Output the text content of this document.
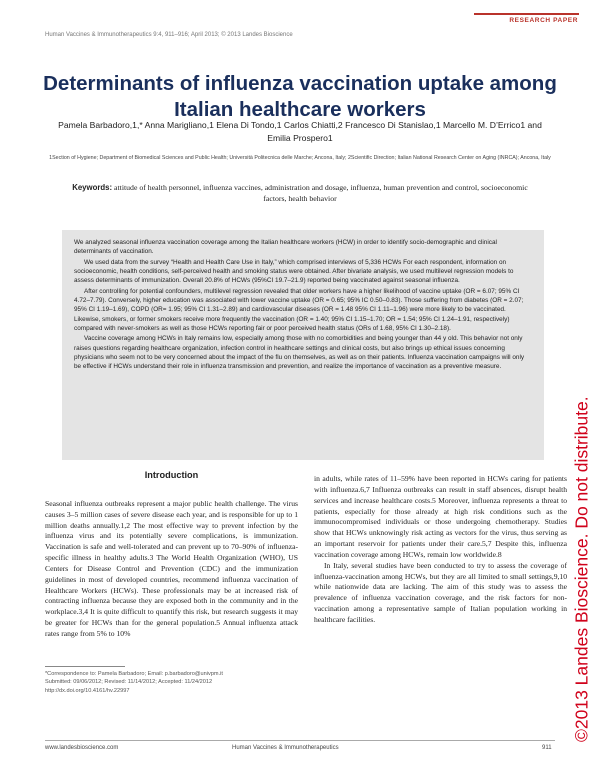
RESEARCH PAPER
Human Vaccines & Immunotherapeutics 9:4, 911–916; April 2013; © 2013 Landes Bioscience
Determinants of influenza vaccination uptake among Italian healthcare workers
Pamela Barbadoro,1,* Anna Marigliano,1 Elena Di Tondo,1 Carlos Chiatti,2 Francesco Di Stanislao,1 Marcello M. D’Errico1 and Emilia Prospero1
1Section of Hygiene; Department of Biomedical Sciences and Public Health; Università Politecnica delle Marche; Ancona, Italy; 2Scientific Direction; Italian National Research Center on Aging (INRCA); Ancona, Italy
Keywords: attitude of health personnel, influenza vaccines, administration and dosage, influenza, human prevention and control, socioeconomic factors, health behavior

We analyzed seasonal influenza vaccination coverage among the Italian healthcare workers (HCW) in order to identify socio-demographic and clinical determinants of vaccination.

We used data from the survey “Health and Health Care Use in Italy,” which comprised interviews of 5,336 HCWs For each respondent, information on socioeconomic, health conditions, self-perceived health and smoking status were obtained. After bivariate analysis, we used multilevel regression models to assess determinants of immunization. Overall 20.8% of HCWs (95%CI 19.7–21.9) reported being vaccinated against seasonal influenza.

After controlling for potential confounders, multilevel regression revealed that older workers have a higher likelihood of vaccine uptake (OR = 6.07; 95% CI 4.72–7.79). Conversely, higher education was associated with lower vaccine uptake (OR = 0.65; 95% IC 0.50–0.83). Those suffering from diabetes (OR = 2.07; 95% CI 1.19–1.69), COPD (OR= 1.95; 95% CI 1.31–2.89) and cardiovascular diseases (OR = 1.48 95% CI 1.11–1.96) were more likely to be vaccinated. Likewise, smokers, or former smokers receive more frequently the vaccination (OR = 1.40; 95% CI 1.15–1.70; OR = 1.54; 95% CI 1.24–1.91, respectively) compared with never-smokers as well as those HCWs reporting fair or poor perceived health status (ORs of 1.68, 95% CI 1.30–2.18).

Vaccine coverage among HCWs in Italy remains low, especially among those with no comorbidities and being younger than 44 y old. This behavior not only raises questions regarding healthcare organization, infection control in healthcare settings and clinical costs, but also brings up ethical issues concerning physicians who seem not to be very concerned about the impact of the flu on themselves, as well as on their patients. Influenza vaccination campaigns will only be effective if HCWs understand their role in influenza transmission and prevention, and realize the importance of vaccination as a preventive measure.

Introduction

Seasonal influenza outbreaks represent a major public health challenge. The virus causes 3–5 million cases of severe disease each year, and is responsible for up to 1 million deaths annually.1,2 The most effective way to prevent infection by the influenza virus and its potentially severe complications, is immunization. Vaccination is safe and well-tolerated and can prevent up to 70–90% of influenza-specific illness in healthy adults.3 The World Health Organization (WHO), US Centers for Disease Control and Prevention (CDC) and the immunization guidelines in most of developed countries, recommend influenza vaccination of Healthcare Workers (HCWs). These professionals may be at increased risk of contracting influenza because they are exposed both in the community and in the workplace.3,4 It is quite difficult to quantify this risk, but research suggests it may be greater for HCWs than for the general population.5 Annual influenza attack rates range from 5% to 10%

in adults, while rates of 11–59% have been reported in HCWs caring for patients with influenza.6,7 Influenza outbreaks can result in staff absences, disrupt health services and increase healthcare costs.5 Moreover, influenza represents a threat to patients, especially for those already at high risk conditions such as the immunocompromised individuals or those undergoing chemotherapy. Studies show that HCWs unknowingly risk acting as vectors for the virus, thus serving as an important reservoir for patients under their care.5,7 Despite this, influenza vaccination coverage among HCWs, remain low worldwide.8

In Italy, several studies have been conducted to try to assess the coverage of influenza-vaccination among HCWs, but they are all limited to small settings,9,10 while nationwide data are lacking. The aim of this study was to assess the prevalence of influenza vaccination coverage, and the risk factors for non-vaccination among a representative sample of Italian population working in healthcare facilities.

*Correspondence to: Pamela Barbadoro; Email: p.barbadoro@univpm.it
Submitted: 09/06/2012; Revised: 11/14/2012; Accepted: 11/24/2012
http://dx.doi.org/10.4161/hv.22997
www.landesbioscience.com	Human Vaccines & Immunotherapeutics	911
©2013 Landes Bioscience. Do not distribute.
